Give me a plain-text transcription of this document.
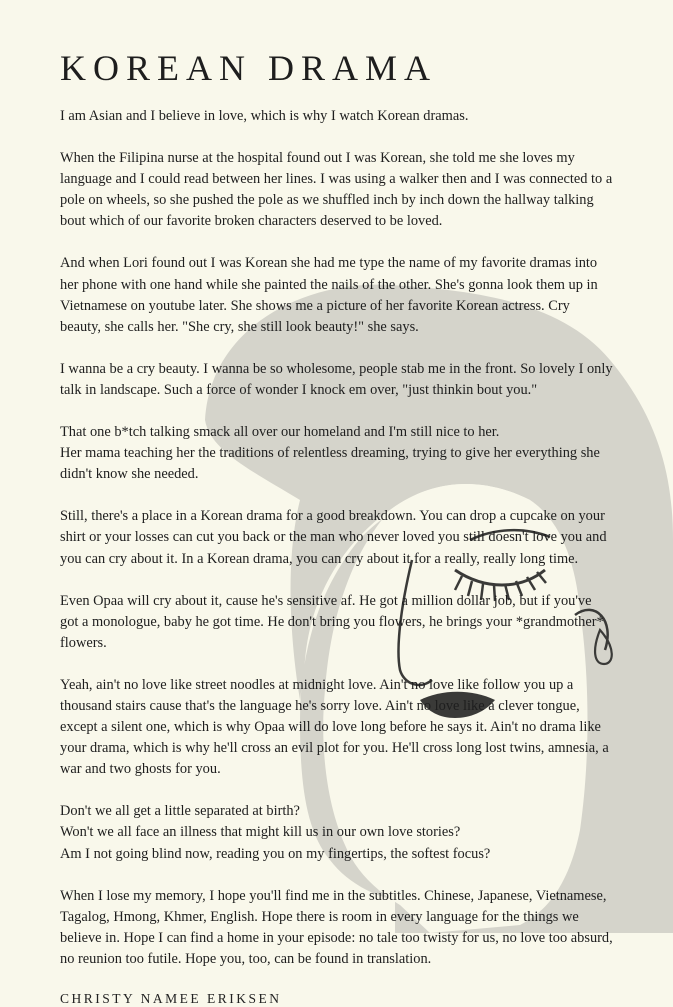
KOREAN DRAMA

I am Asian and I believe in love, which is why I watch Korean dramas.

When the Filipina nurse at the hospital found out I was Korean, she told me she loves my language and I could read between her lines. I was using a walker then and I was connected to a pole on wheels, so she pushed the pole as we shuffled inch by inch down the hallway talking bout which of our favorite broken characters deserved to be loved.

And when Lori found out I was Korean she had me type the name of my favorite dramas into her phone with one hand while she painted the nails of the other. She's gonna look them up in Vietnamese on youtube later. She shows me a picture of her favorite Korean actress. Cry beauty, she calls her. "She cry, she still look beauty!" she says.

I wanna be a cry beauty. I wanna be so wholesome, people stab me in the front. So lovely I only talk in landscape. Such a force of wonder I knock em over, "just thinkin bout you."

That one b*tch talking smack all over our homeland and I'm still nice to her.
Her mama teaching her the traditions of relentless dreaming, trying to give her everything she didn't know she needed.

Still, there's a place in a Korean drama for a good breakdown. You can drop a cupcake on your shirt or your losses can cut you back or the man who never loved you still doesn't love you and you can cry about it. In a Korean drama, you can cry about it for a really, really long time.

Even Opaa will cry about it, cause he's sensitive af. He got a million dollar job, but if you've got a monologue, baby he got time. He don't bring you flowers, he brings your *grandmother* flowers.

Yeah, ain't no love like street noodles at midnight love. Ain't no love like follow you up a thousand stairs cause that's the language he's sorry love. Ain't no love like a clever tongue, except a silent one, which is why Opaa will do love long before he says it. Ain't no drama like your drama, which is why he'll cross an evil plot for you. He'll cross long lost twins, amnesia, a war and two ghosts for you.

Don't we all get a little separated at birth?
Won't we all face an illness that might kill us in our own love stories?
Am I not going blind now, reading you on my fingertips, the softest focus?

When I lose my memory, I hope you'll find me in the subtitles. Chinese, Japanese, Vietnamese, Tagalog, Hmong, Khmer, English. Hope there is room in every language for the things we believe in. Hope I can find a home in your episode: no tale too twisty for us, no love too absurd, no reunion too futile. Hope you, too, can be found in translation.

CHRISTY NAMEE ERIKSEN
